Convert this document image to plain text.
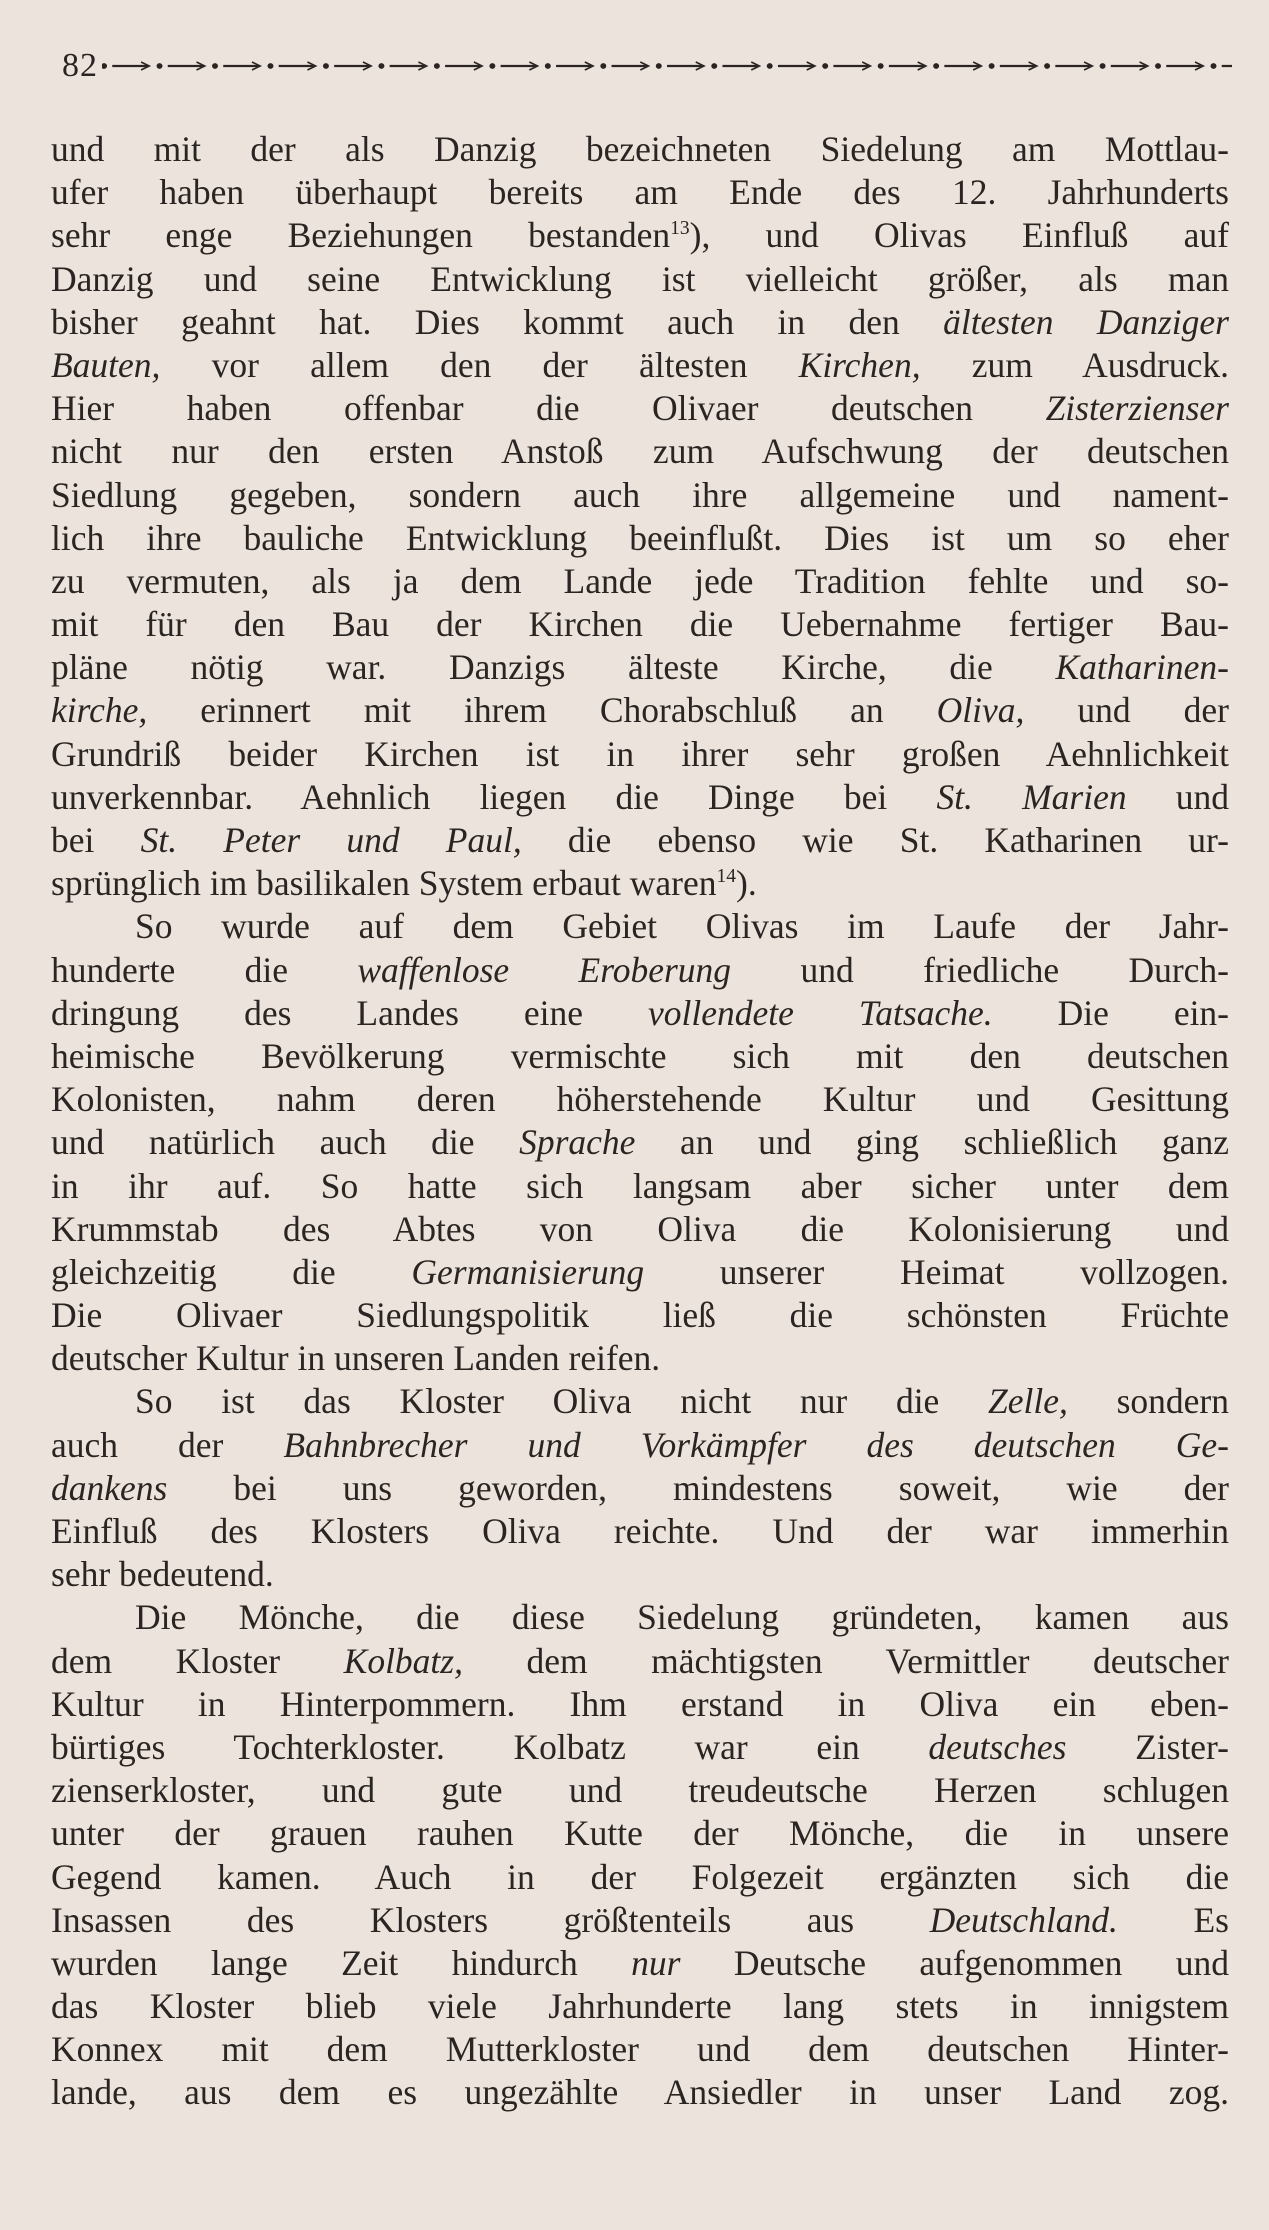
82
und mit der als Danzig bezeichneten Siedelung am Mottlau-
ufer haben überhaupt bereits am Ende des 12. Jahrhunderts
sehr enge Beziehungen bestanden$^{13}$), und Olivas Einfluß auf
Danzig und seine Entwicklung ist vielleicht größer, als man
bisher geahnt hat. Dies kommt auch in den ältesten Danziger
Bauten, vor allem den der ältesten Kirchen, zum Ausdruck.
Hier haben offenbar die Olivaer deutschen Zisterzienser
nicht nur den ersten Anstoß zum Aufschwung der deutschen
Siedlung gegeben, sondern auch ihre allgemeine und nament-
lich ihre bauliche Entwicklung beeinflußt. Dies ist um so eher
zu vermuten, als ja dem Lande jede Tradition fehlte und so-
mit für den Bau der Kirchen die Uebernahme fertiger Bau-
pläne nötig war. Danzigs älteste Kirche, die Katharinen-
kirche, erinnert mit ihrem Chorabschluß an Oliva, und der
Grundriß beider Kirchen ist in ihrer sehr großen Aehnlichkeit
unverkennbar. Aehnlich liegen die Dinge bei St. Marien und
bei St. Peter und Paul, die ebenso wie St. Katharinen ur-
sprünglich im basilikalen System erbaut waren$^{14}$).
So wurde auf dem Gebiet Olivas im Laufe der Jahr-
hunderte die waffenlose Eroberung und friedliche Durch-
dringung des Landes eine vollendete Tatsache. Die ein-
heimische Bevölkerung vermischte sich mit den deutschen
Kolonisten, nahm deren höherstehende Kultur und Gesittung
und natürlich auch die Sprache an und ging schließlich ganz
in ihr auf. So hatte sich langsam aber sicher unter dem
Krummstab des Abtes von Oliva die Kolonisierung und
gleichzeitig die Germanisierung unserer Heimat vollzogen.
Die Olivaer Siedlungspolitik ließ die schönsten Früchte
deutscher Kultur in unseren Landen reifen.
So ist das Kloster Oliva nicht nur die Zelle, sondern
auch der Bahnbrecher und Vorkämpfer des deutschen Ge-
dankens bei uns geworden, mindestens soweit, wie der
Einfluß des Klosters Oliva reichte. Und der war immerhin
sehr bedeutend.
Die Mönche, die diese Siedelung gründeten, kamen aus
dem Kloster Kolbatz, dem mächtigsten Vermittler deutscher
Kultur in Hinterpommern. Ihm erstand in Oliva ein eben-
bürtiges Tochterkloster. Kolbatz war ein deutsches Zister-
zienserkloster, und gute und treudeutsche Herzen schlugen
unter der grauen rauhen Kutte der Mönche, die in unsere
Gegend kamen. Auch in der Folgezeit ergänzten sich die
Insassen des Klosters größtenteils aus Deutschland. Es
wurden lange Zeit hindurch nur Deutsche aufgenommen und
das Kloster blieb viele Jahrhunderte lang stets in innigstem
Konnex mit dem Mutterkloster und dem deutschen Hinter-
lande, aus dem es ungezählte Ansiedler in unser Land zog.
